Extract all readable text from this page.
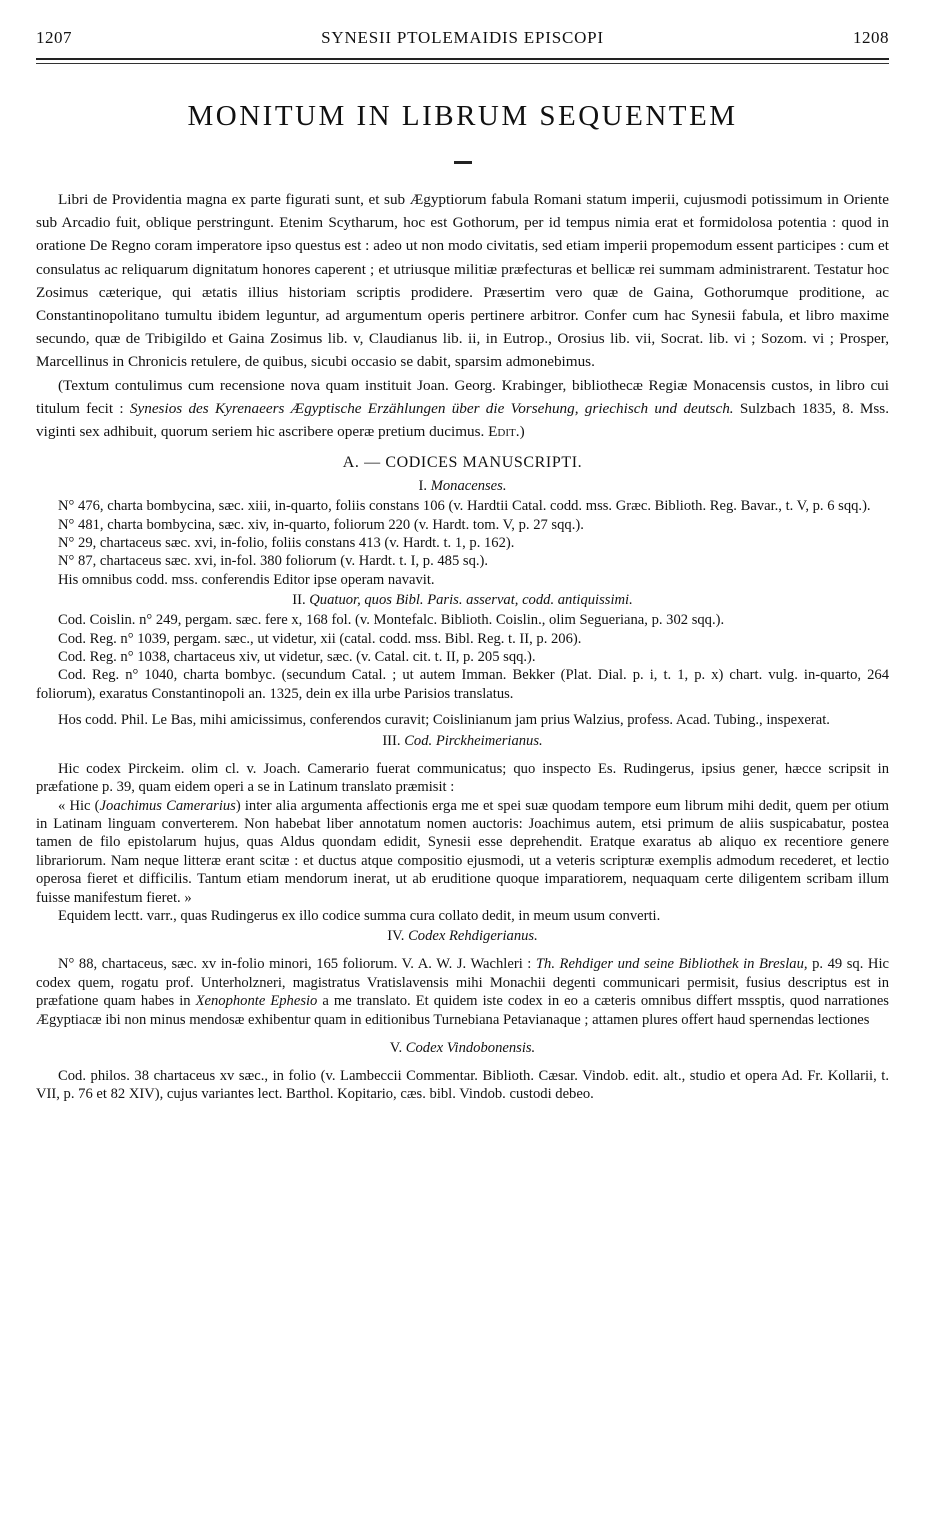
1207	SYNESII PTOLEMAIDIS EPISCOPI	1208
MONITUM IN LIBRUM SEQUENTEM

Libri de Providentia magna ex parte figurati sunt, et sub Ægyptiorum fabula Romani statum imperii, cujusmodi potissimum in Oriente sub Arcadio fuit, oblique perstringunt. Etenim Scytharum, hoc est Gothorum, per id tempus nimia erat et formidolosa potentia : quod in oratione De Regno coram imperatore ipso questus est : adeo ut non modo civitatis, sed etiam imperii propemodum essent participes : cum et consulatus ac reliquarum dignitatum honores caperent ; et utriusque militiæ præfecturas et bellicæ rei summam administrarent. Testatur hoc Zosimus cæterique, qui ætatis illius historiam scriptis prodidere. Præsertim vero quæ de Gaina, Gothorumque proditione, ac Constantinopolitano tumultu ibidem leguntur, ad argumentum operis pertinere arbitror. Confer cum hac Synesii fabula, et libro maxime secundo, quæ de Tribigildo et Gaina Zosimus lib. v, Claudianus lib. ii, in Eutrop., Orosius lib. vii, Socrat. lib. vi ; Sozom. vi ; Prosper, Marcellinus in Chronicis retulere, de quibus, sicubi occasio se dabit, sparsim admonebimus.

(Textum contulimus cum recensione nova quam instituit Joan. Georg. Krabinger, bibliothecæ Regiæ Monacensis custos, in libro cui titulum fecit : Synesios des Kyrenaeers Ægyptische Erzählungen über die Vorsehung, griechisch und deutsch. Sulzbach 1835, 8. Mss. viginti sex adhibuit, quorum seriem hic ascribere operæ pretium ducimus. Edit.)

A. — CODICES MANUSCRIPTI.
I. Monacenses.

N° 476, charta bombycina, sæc. xiii, in-quarto, foliis constans 106 (v. Hardtii Catal. codd. mss. Græc. Biblioth. Reg. Bavar., t. V, p. 6 sqq.).

N° 481, charta bombycina, sæc. xiv, in-quarto, foliorum 220 (v. Hardt. tom. V, p. 27 sqq.).

N° 29, chartaceus sæc. xvi, in-folio, foliis constans 413 (v. Hardt. t. 1, p. 162).

N° 87, chartaceus sæc. xvi, in-fol. 380 foliorum (v. Hardt. t. I, p. 485 sq.).

His omnibus codd. mss. conferendis Editor ipse operam navavit.

II. Quatuor, quos Bibl. Paris. asservat, codd. antiquissimi.

Cod. Coislin. n° 249, pergam. sæc. fere x, 168 fol. (v. Montefalc. Biblioth. Coislin., olim Segueriana, p. 302 sqq.).

Cod. Reg. n° 1039, pergam. sæc., ut videtur, xii (catal. codd. mss. Bibl. Reg. t. II, p. 206).

Cod. Reg. n° 1038, chartaceus xiv, ut videtur, sæc. (v. Catal. cit. t. II, p. 205 sqq.).

Cod. Reg. n° 1040, charta bombyc. (secundum Catal. ; ut autem Imman. Bekker (Plat. Dial. p. i, t. 1, p. x) chart. vulg. in-quarto, 264 foliorum), exaratus Constantinopoli an. 1325, dein ex illa urbe Parisios translatus.

Hos codd. Phil. Le Bas, mihi amicissimus, conferendos curavit; Coislinianum jam prius Walzius, profess. Acad. Tubing., inspexerat.

III. Cod. Pirckheimerianus.

Hic codex Pirckeim. olim cl. v. Joach. Camerario fuerat communicatus; quo inspecto Es. Rudingerus, ipsius gener, hæcce scripsit in præfatione p. 39, quam eidem operi a se in Latinum translato præmisit :

« Hic (Joachimus Camerarius) inter alia argumenta affectionis erga me et spei suæ quodam tempore eum librum mihi dedit, quem per otium in Latinam linguam converterem. Non habebat liber annotatum nomen auctoris: Joachimus autem, etsi primum de aliis suspicabatur, postea tamen de filo epistolarum hujus, quas Aldus quondam edidit, Synesii esse deprehendit. Eratque exaratus ab aliquo ex recentiore genere librariorum. Nam neque litteræ erant scitæ : et ductus atque compositio ejusmodi, ut a veteris scripturæ exemplis admodum recederet, et lectio operosa fieret et difficilis. Tantum etiam mendorum inerat, ut ab eruditione quoque imparatiorem, nequaquam certe diligentem scribam illum fuisse manifestum fieret. »

Equidem lectt. varr., quas Rudingerus ex illo codice summa cura collato dedit, in meum usum converti.

IV. Codex Rehdigerianus.

N° 88, chartaceus, sæc. xv in-folio minori, 165 foliorum. V. A. W. J. Wachleri : Th. Rehdiger und seine Bibliothek in Breslau, p. 49 sq. Hic codex quem, rogatu prof. Unterholzneri, magistratus Vratislavensis mihi Monachii degenti communicari permisit, fusius descriptus est in præfatione quam habes in Xenophonte Ephesio a me translato. Et quidem iste codex in eo a cæteris omnibus differt mssptis, quod narrationes Ægyptiacæ ibi non minus mendosæ exhibentur quam in editionibus Turnebiana Petavianaque ; attamen plures offert haud spernendas lectiones

V. Codex Vindobonensis.

Cod. philos. 38 chartaceus xv sæc., in folio (v. Lambeccii Commentar. Biblioth. Cæsar. Vindob. edit. alt., studio et opera Ad. Fr. Kollarii, t. VII, p. 76 et 82 XIV), cujus variantes lect. Barthol. Kopitario, cæs. bibl. Vindob. custodi debeo.
